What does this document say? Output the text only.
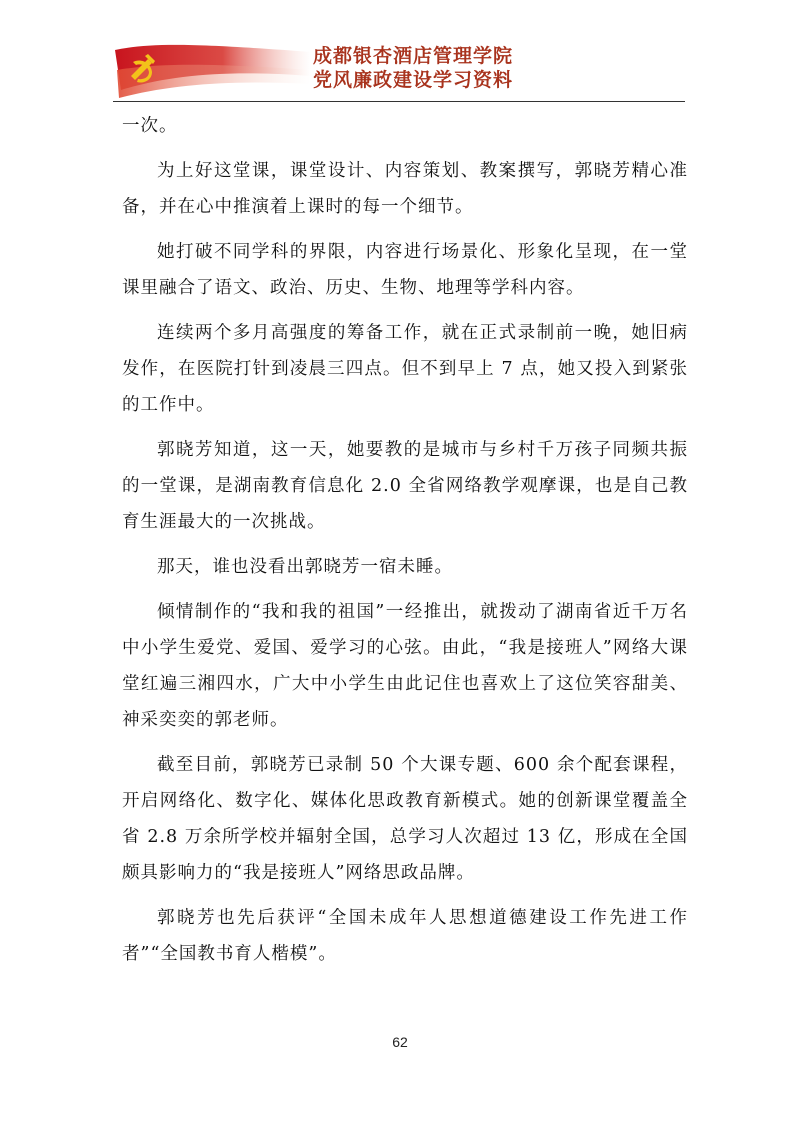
成都银杏酒店管理学院
党风廉政建设学习资料

一次。

为上好这堂课，课堂设计、内容策划、教案撰写，郭晓芳精心准备，并在心中推演着上课时的每一个细节。

她打破不同学科的界限，内容进行场景化、形象化呈现，在一堂课里融合了语文、政治、历史、生物、地理等学科内容。

连续两个多月高强度的筹备工作，就在正式录制前一晚，她旧病发作，在医院打针到凌晨三四点。但不到早上 7 点，她又投入到紧张的工作中。

郭晓芳知道，这一天，她要教的是城市与乡村千万孩子同频共振的一堂课，是湖南教育信息化 2.0 全省网络教学观摩课，也是自己教育生涯最大的一次挑战。

那天，谁也没看出郭晓芳一宿未睡。

倾情制作的“我和我的祖国”一经推出，就拨动了湖南省近千万名中小学生爱党、爱国、爱学习的心弦。由此，“我是接班人”网络大课堂红遍三湘四水，广大中小学生由此记住也喜欢上了这位笑容甜美、神采奕奕的郭老师。

截至目前，郭晓芳已录制 50 个大课专题、600 余个配套课程，开启网络化、数字化、媒体化思政教育新模式。她的创新课堂覆盖全省 2.8 万余所学校并辐射全国，总学习人次超过 13 亿，形成在全国颇具影响力的“我是接班人”网络思政品牌。

郭晓芳也先后获评“全国未成年人思想道德建设工作先进工作者”“全国教书育人楷模”。

62
